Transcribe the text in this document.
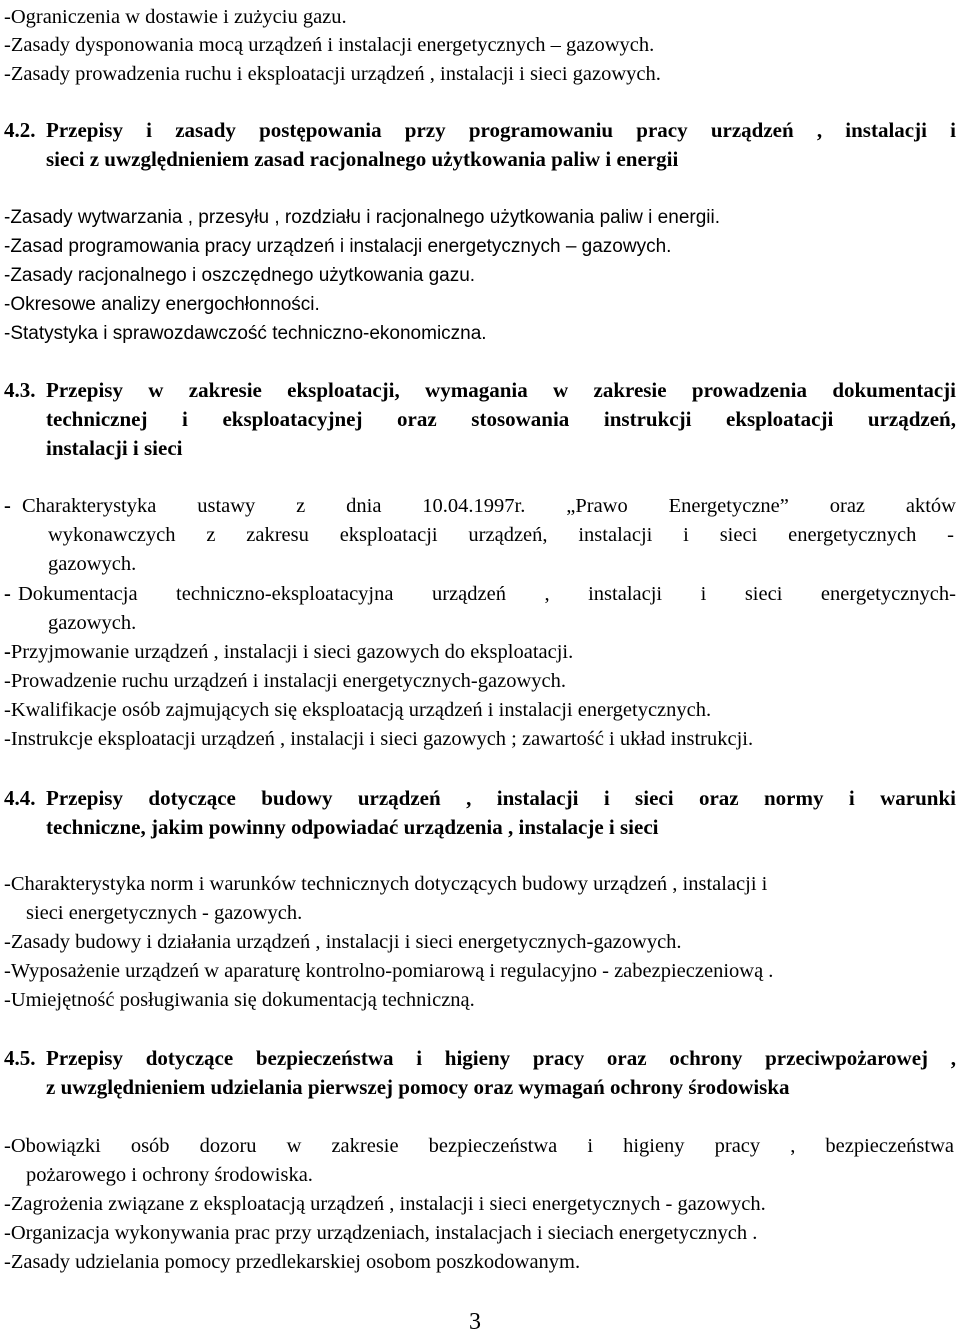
-Ograniczenia w dostawie i zużyciu gazu.
-Zasady dysponowania mocą urządzeń i instalacji energetycznych – gazowych.
-Zasady prowadzenia ruchu i eksploatacji urządzeń , instalacji i sieci gazowych.
4.2. Przepisy i zasady postępowania przy programowaniu pracy urządzeń , instalacji i
sieci z uwzględnieniem zasad racjonalnego użytkowania paliw i energii
-Zasady wytwarzania , przesyłu , rozdziału i racjonalnego użytkowania paliw i energii.
-Zasad programowania pracy urządzeń i instalacji energetycznych – gazowych.
-Zasady racjonalnego i oszczędnego użytkowania gazu.
-Okresowe analizy energochłonności.
-Statystyka i sprawozdawczość techniczno-ekonomiczna.
4.3. Przepisy w zakresie eksploatacji, wymagania w zakresie prowadzenia dokumentacji
technicznej i eksploatacyjnej oraz stosowania instrukcji eksploatacji urządzeń,
instalacji i sieci
- Charakterystyka ustawy z dnia 10.04.1997r. „Prawo Energetyczne” oraz aktów
wykonawczych z zakresu eksploatacji urządzeń, instalacji i sieci energetycznych -
gazowych.
- Dokumentacja techniczno-eksploatacyjna urządzeń , instalacji i sieci energetycznych-
gazowych.
-Przyjmowanie urządzeń , instalacji i sieci gazowych do eksploatacji.
-Prowadzenie ruchu urządzeń i instalacji energetycznych-gazowych.
-Kwalifikacje osób zajmujących się eksploatacją urządzeń i instalacji energetycznych.
-Instrukcje eksploatacji urządzeń , instalacji i sieci gazowych ; zawartość i układ instrukcji.
4.4. Przepisy dotyczące budowy urządzeń , instalacji i sieci oraz normy i warunki
techniczne, jakim powinny odpowiadać urządzenia , instalacje i sieci
-Charakterystyka norm i warunków technicznych dotyczących budowy urządzeń , instalacji i
sieci energetycznych - gazowych.
-Zasady budowy i działania urządzeń , instalacji i sieci energetycznych-gazowych.
-Wyposażenie urządzeń w aparaturę kontrolno-pomiarową i regulacyjno - zabezpieczeniową .
-Umiejętność posługiwania się dokumentacją techniczną.
4.5. Przepisy dotyczące bezpieczeństwa i higieny pracy oraz ochrony przeciwpożarowej ,
z uwzględnieniem udzielania pierwszej pomocy oraz wymagań ochrony środowiska
-Obowiązki osób dozoru w zakresie bezpieczeństwa i higieny pracy , bezpieczeństwa
pożarowego i ochrony środowiska.
-Zagrożenia związane z eksploatacją urządzeń , instalacji i sieci energetycznych - gazowych.
-Organizacja wykonywania prac przy urządzeniach, instalacjach i sieciach energetycznych .
-Zasady udzielania pomocy przedlekarskiej osobom poszkodowanym.
3
